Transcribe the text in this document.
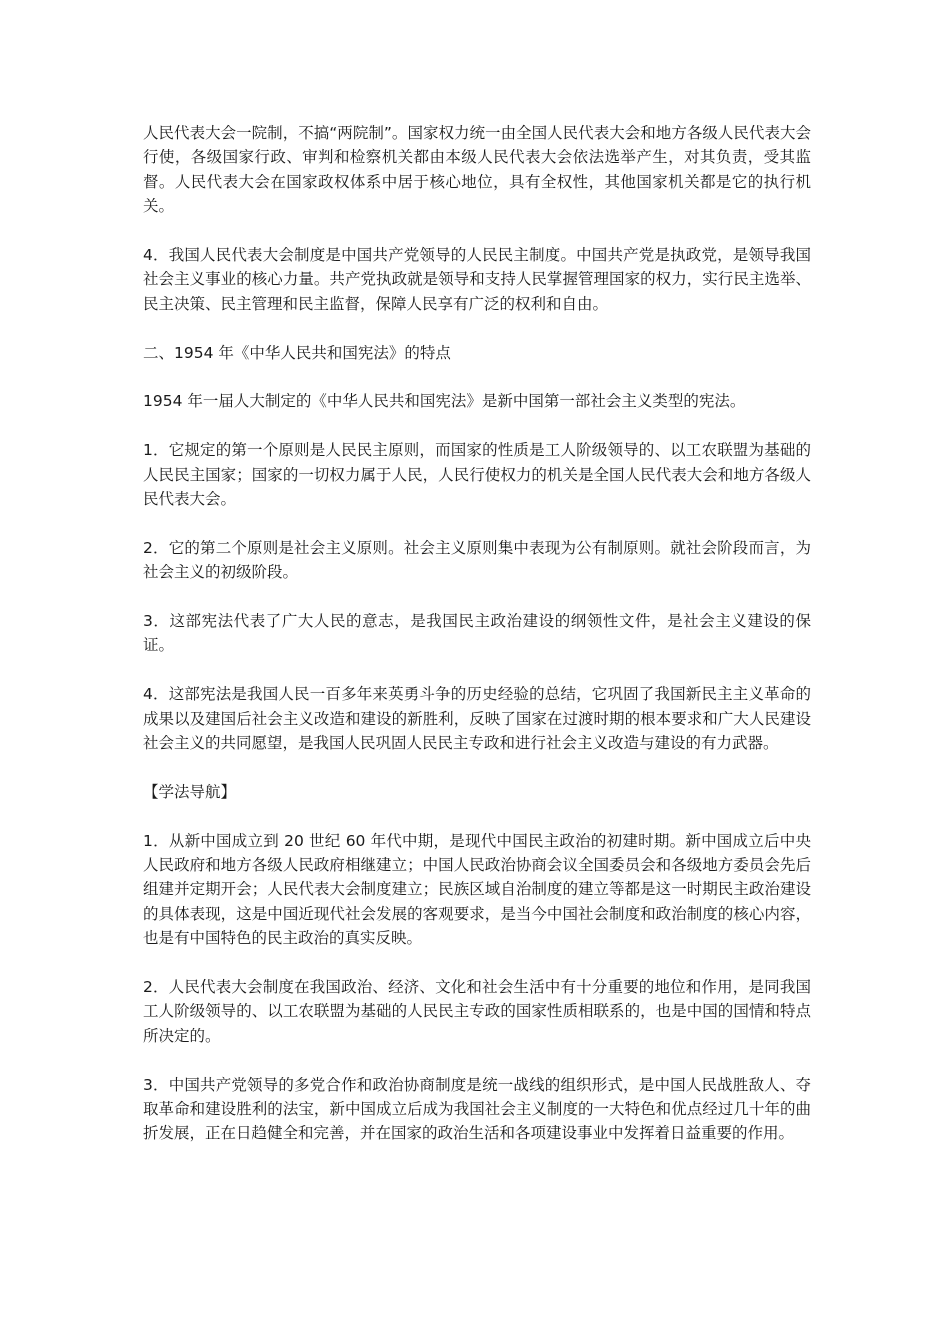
人民代表大会一院制，不搞“两院制”。国家权力统一由全国人民代表大会和地方各级人民代表大会行使，各级国家行政、审判和检察机关都由本级人民代表大会依法选举产生，对其负责，受其监督。人民代表大会在国家政权体系中居于核心地位，具有全权性，其他国家机关都是它的执行机关。

4．我国人民代表大会制度是中国共产党领导的人民民主制度。中国共产党是执政党，是领导我国社会主义事业的核心力量。共产党执政就是领导和支持人民掌握管理国家的权力，实行民主选举、民主决策、民主管理和民主监督，保障人民享有广泛的权利和自由。

二、1954 年《中华人民共和国宪法》的特点

1954 年一届人大制定的《中华人民共和国宪法》是新中国第一部社会主义类型的宪法。

1．它规定的第一个原则是人民民主原则，而国家的性质是工人阶级领导的、以工农联盟为基础的人民民主国家；国家的一切权力属于人民，人民行使权力的机关是全国人民代表大会和地方各级人民代表大会。

2．它的第二个原则是社会主义原则。社会主义原则集中表现为公有制原则。就社会阶段而言，为社会主义的初级阶段。

3．这部宪法代表了广大人民的意志，是我国民主政治建设的纲领性文件，是社会主义建设的保证。

4．这部宪法是我国人民一百多年来英勇斗争的历史经验的总结，它巩固了我国新民主主义革命的成果以及建国后社会主义改造和建设的新胜利，反映了国家在过渡时期的根本要求和广大人民建设社会主义的共同愿望，是我国人民巩固人民民主专政和进行社会主义改造与建设的有力武器。

【学法导航】

1．从新中国成立到 20 世纪 60 年代中期，是现代中国民主政治的初建时期。新中国成立后中央人民政府和地方各级人民政府相继建立；中国人民政治协商会议全国委员会和各级地方委员会先后组建并定期开会；人民代表大会制度建立；民族区域自治制度的建立等都是这一时期民主政治建设的具体表现，这是中国近现代社会发展的客观要求，是当今中国社会制度和政治制度的核心内容，也是有中国特色的民主政治的真实反映。

2．人民代表大会制度在我国政治、经济、文化和社会生活中有十分重要的地位和作用，是同我国工人阶级领导的、以工农联盟为基础的人民民主专政的国家性质相联系的，也是中国的国情和特点所决定的。

3．中国共产党领导的多党合作和政治协商制度是统一战线的组织形式，是中国人民战胜敌人、夺取革命和建设胜利的法宝，新中国成立后成为我国社会主义制度的一大特色和优点经过几十年的曲折发展，正在日趋健全和完善，并在国家的政治生活和各项建设事业中发挥着日益重要的作用。
